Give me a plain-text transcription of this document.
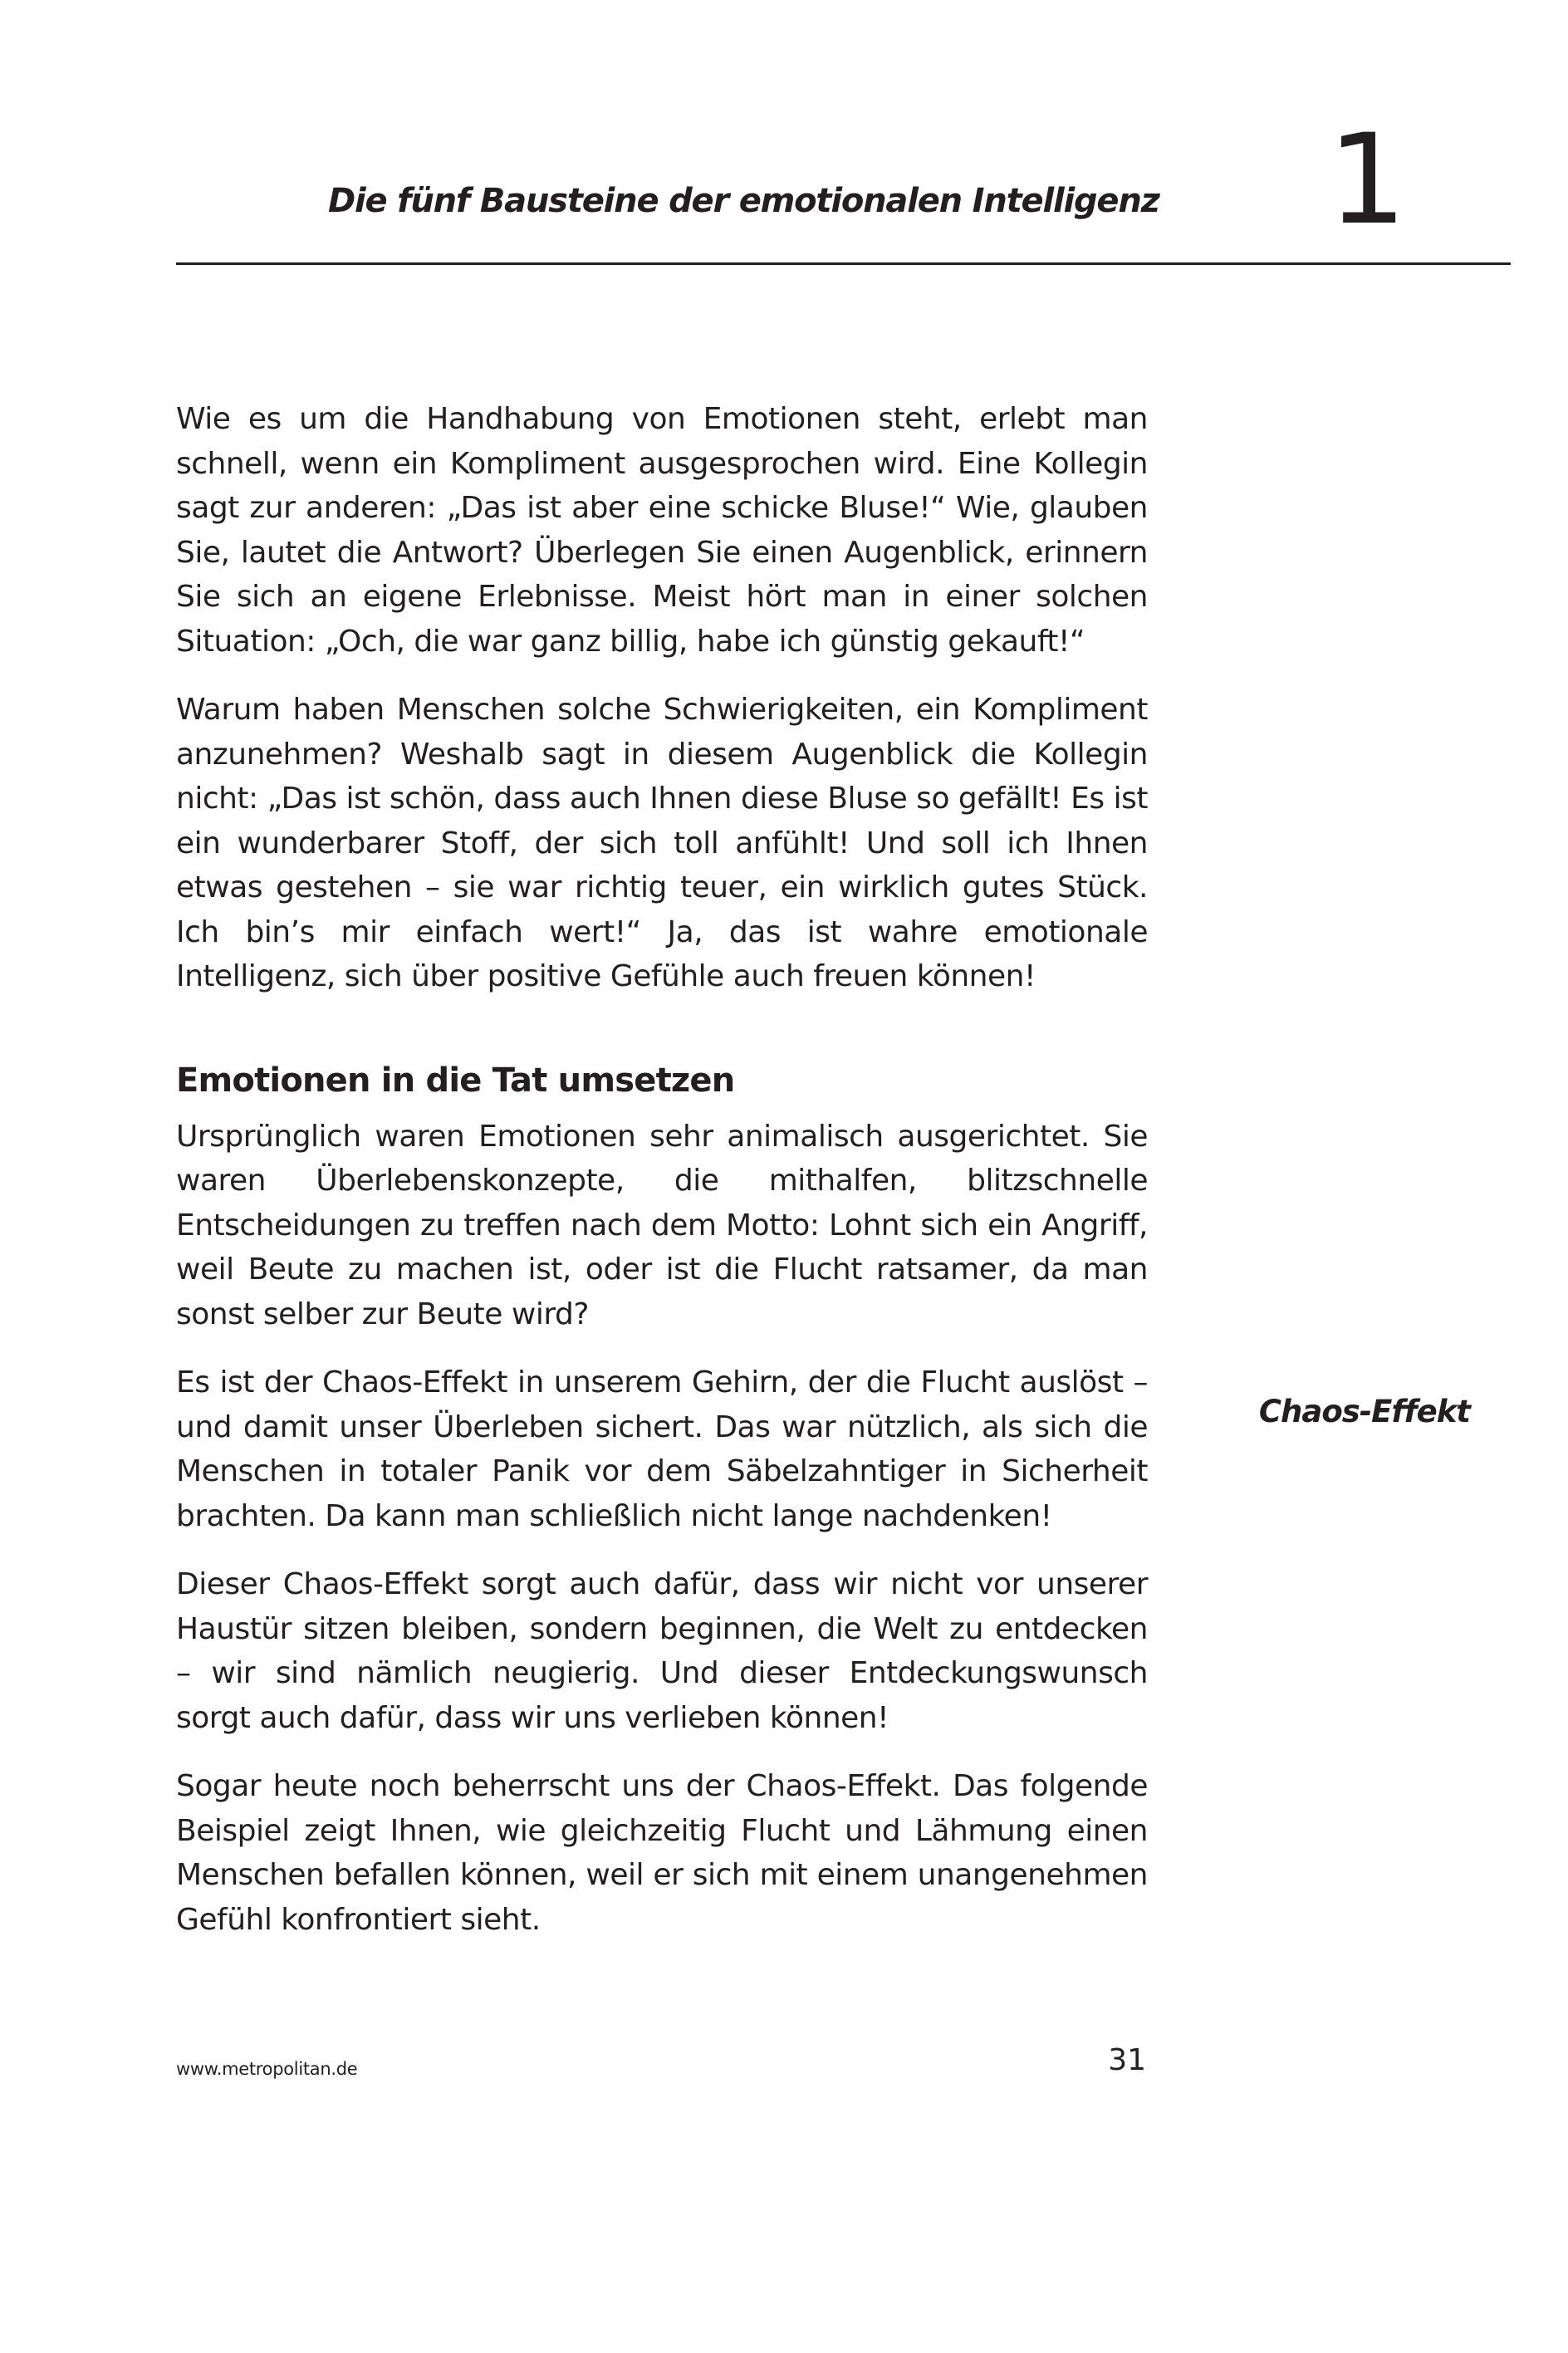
Die fünf Bausteine der emotionalen Intelligenz	1

Wie es um die Handhabung von Emotionen steht, erlebt man schnell, wenn ein Kompliment ausgesprochen wird. Eine Kollegin sagt zur anderen: „Das ist aber eine schicke Bluse!“ Wie, glauben Sie, lautet die Antwort? Überlegen Sie einen Augenblick, erinnern Sie sich an eigene Erlebnisse. Meist hört man in einer solchen Situation: „Och, die war ganz billig, habe ich günstig gekauft!“

Warum haben Menschen solche Schwierigkeiten, ein Kompliment anzunehmen? Weshalb sagt in diesem Augenblick die Kollegin nicht: „Das ist schön, dass auch Ihnen diese Bluse so gefällt! Es ist ein wunderbarer Stoff, der sich toll anfühlt! Und soll ich Ihnen etwas gestehen – sie war richtig teuer, ein wirklich gutes Stück. Ich bin’s mir einfach wert!“ Ja, das ist wahre emotionale Intelligenz, sich über positive Gefühle auch freuen können!

Emotionen in die Tat umsetzen

Ursprünglich waren Emotionen sehr animalisch ausgerichtet. Sie waren Überlebenskonzepte, die mithalfen, blitzschnelle Entscheidungen zu treffen nach dem Motto: Lohnt sich ein Angriff, weil Beute zu machen ist, oder ist die Flucht ratsamer, da man sonst selber zur Beute wird?

Es ist der Chaos-Effekt in unserem Gehirn, der die Flucht auslöst – und damit unser Überleben sichert. Das war nützlich, als sich die Menschen in totaler Panik vor dem Säbelzahntiger in Sicherheit brachten. Da kann man schließlich nicht lange nachdenken!

Dieser Chaos-Effekt sorgt auch dafür, dass wir nicht vor unserer Haustür sitzen bleiben, sondern beginnen, die Welt zu entdecken – wir sind nämlich neugierig. Und dieser Entdeckungswunsch sorgt auch dafür, dass wir uns verlieben können!

Sogar heute noch beherrscht uns der Chaos-Effekt. Das folgende Beispiel zeigt Ihnen, wie gleichzeitig Flucht und Lähmung einen Menschen befallen können, weil er sich mit einem unangenehmen Gefühl konfrontiert sieht.

Chaos-Effekt
www.metropolitan.de	31
